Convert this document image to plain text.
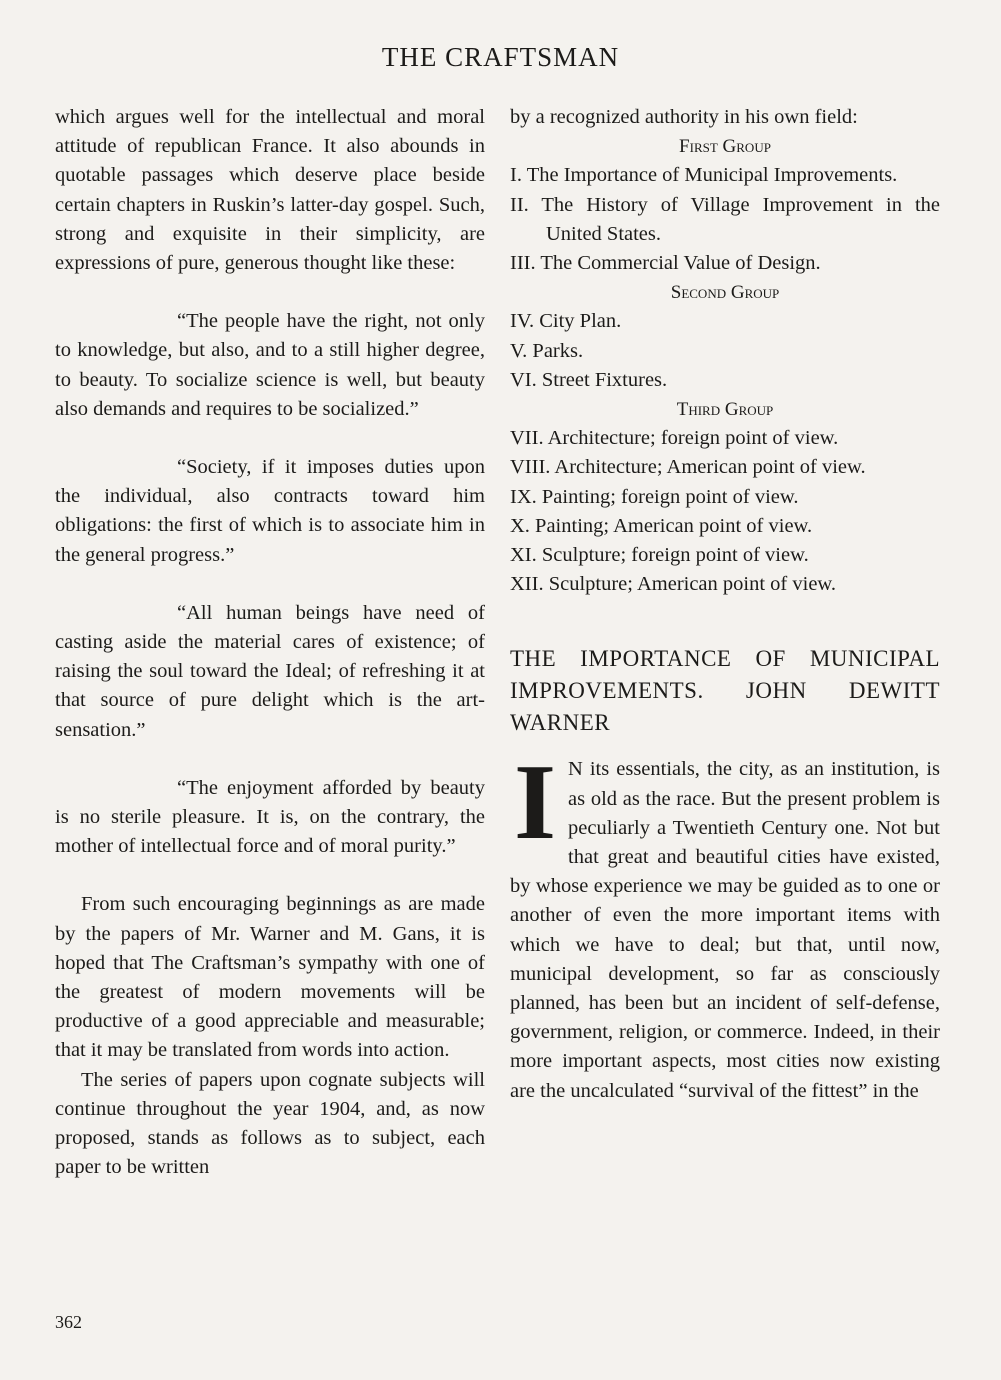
THE CRAFTSMAN

which argues well for the intellectual and moral attitude of republican France. It also abounds in quotable passages which deserve place beside certain chapters in Ruskin’s latter-day gospel. Such, strong and exquisite in their simplicity, are expressions of pure, generous thought like these:

“The people have the right, not only to knowledge, but also, and to a still higher degree, to beauty. To socialize science is well, but beauty also demands and requires to be socialized.”

“Society, if it imposes duties upon the individual, also contracts toward him obligations: the first of which is to associate him in the general progress.”

“All human beings have need of casting aside the material cares of existence; of raising the soul toward the Ideal; of refreshing it at that source of pure delight which is the art-sensation.”

“The enjoyment afforded by beauty is no sterile pleasure. It is, on the contrary, the mother of intellectual force and of moral purity.”

From such encouraging beginnings as are made by the papers of Mr. Warner and M. Gans, it is hoped that The Craftsman’s sympathy with one of the greatest of modern movements will be productive of a good appreciable and measurable; that it may be translated from words into action.

The series of papers upon cognate subjects will continue throughout the year 1904, and, as now proposed, stands as follows as to subject, each paper to be written

by a recognized authority in his own field:

First Group

I. The Importance of Municipal Improvements.

II. The History of Village Improvement in the United States.

III. The Commercial Value of Design.

Second Group

IV. City Plan.

V. Parks.

VI. Street Fixtures.

Third Group

VII. Architecture; foreign point of view.

VIII. Architecture; American point of view.

IX. Painting; foreign point of view.

X. Painting; American point of view.

XI. Sculpture; foreign point of view.

XII. Sculpture; American point of view.

THE IMPORTANCE OF MUNICIPAL IMPROVEMENTS. JOHN DEWITT WARNER

I N its essentials, the city, as an institution, is as old as the race. But the present problem is peculiarly a Twentieth Century one. Not but that great and beautiful cities have existed, by whose experience we may be guided as to one or another of even the more important items with which we have to deal; but that, until now, municipal development, so far as consciously planned, has been but an incident of self-defense, government, religion, or commerce. Indeed, in their more important aspects, most cities now existing are the uncalculated “survival of the fittest” in the

362
